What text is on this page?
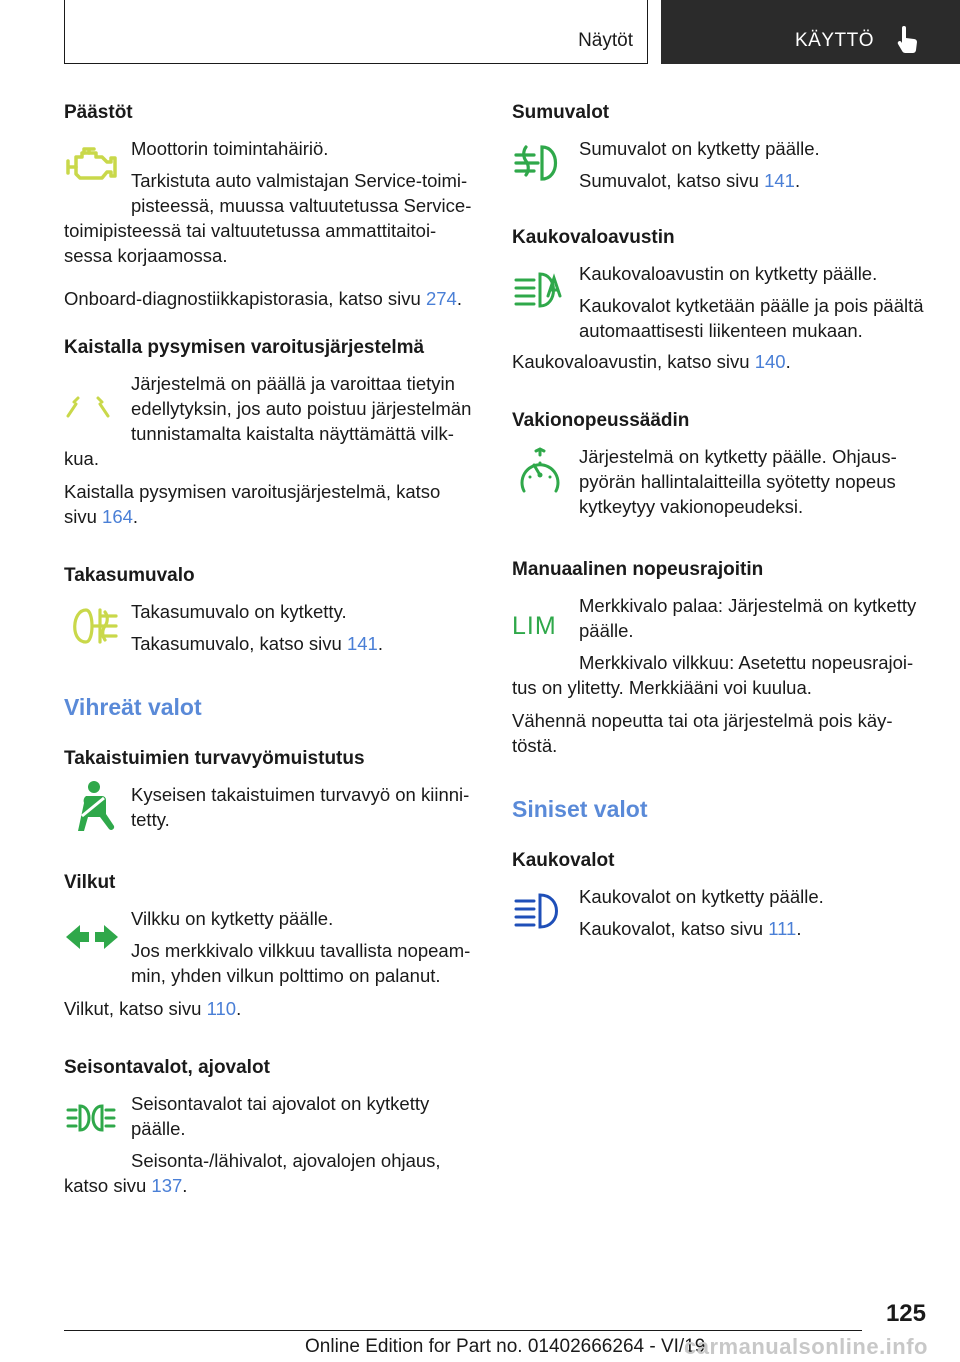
Näytöt	KÄYTTÖ
Päästöt

Moottorin toimintahäiriö.

Tarkistuta auto valmistajan Service-toimi-

pisteessä, muussa valtuutetussa Service-

toimipisteessä tai valtuutetussa ammattitaitoi-

sessa korjaamossa.

Onboard-diagnostiikkapistorasia, katso sivu 274.

Kaistalla pysymisen varoitusjärjestelmä

Järjestelmä on päällä ja varoittaa tietyin

edellytyksin, jos auto poistuu järjestelmän

tunnistamalta kaistalta näyttämättä vilk-

kua.

Kaistalla pysymisen varoitusjärjestelmä, katso

sivu 164.

Takasumuvalo

Takasumuvalo on kytketty.

Takasumuvalo, katso sivu 141.

Vihreät valot
Takaistuimien turvavyömuistutus

Kyseisen takaistuimen turvavyö on kiinni-

tetty.

Vilkut

Vilkku on kytketty päälle.

Jos merkkivalo vilkkuu tavallista nopeam-

min, yhden vilkun polttimo on palanut.

Vilkut, katso sivu 110.

Seisontavalot, ajovalot

Seisontavalot tai ajovalot on kytketty

päälle.

Seisonta-/lähivalot, ajovalojen ohjaus,

katso sivu 137.

Sumuvalot

Sumuvalot on kytketty päälle.

Sumuvalot, katso sivu 141.

Kaukovaloavustin

Kaukovaloavustin on kytketty päälle.

Kaukovalot kytketään päälle ja pois päältä

automaattisesti liikenteen mukaan.

Kaukovaloavustin, katso sivu 140.

Vakionopeussäädin

Järjestelmä on kytketty päälle. Ohjaus-

pyörän hallintalaitteilla syötetty nopeus

kytkeytyy vakionopeudeksi.

Manuaalinen nopeusrajoitin
LIM

Merkkivalo palaa: Järjestelmä on kytketty

päälle.

Merkkivalo vilkkuu: Asetettu nopeusrajoi-

tus on ylitetty. Merkkiääni voi kuulua.

Vähennä nopeutta tai ota järjestelmä pois käy-

töstä.

Siniset valot
Kaukovalot

Kaukovalot on kytketty päälle.

Kaukovalot, katso sivu 111.

125
Online Edition for Part no. 01402666264 - VI/19
carmanualsonline.info
